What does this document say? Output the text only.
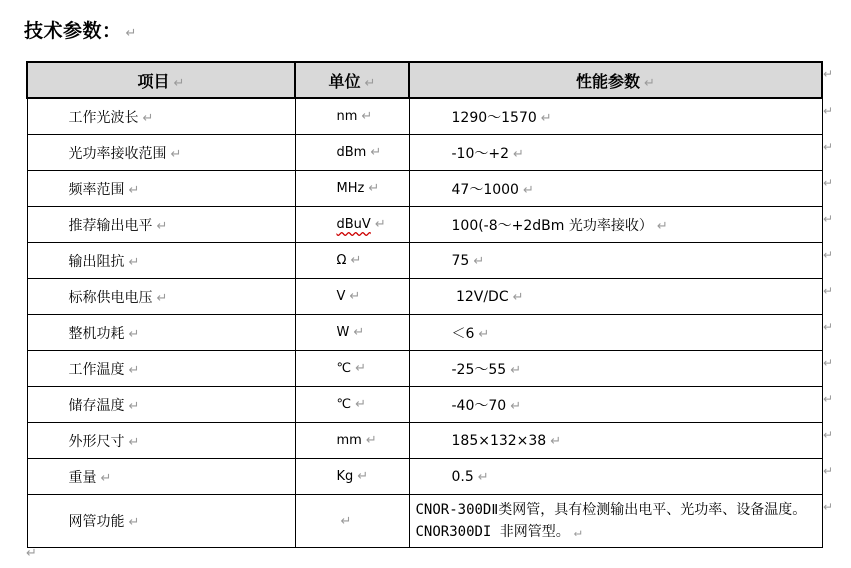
技术参数： ↵
项目 ↵	单位 ↵	性能参数 ↵
工作光波长 ↵	nm ↵	1290～1570 ↵
光功率接收范围 ↵	dBm ↵	-10～+2 ↵
频率范围 ↵	MHz ↵	47～1000 ↵
推荐输出电平 ↵	dBuV ↵	100(-8～+2dBm 光功率接收） ↵
输出阻抗 ↵	Ω ↵	75 ↵
标称供电电压 ↵	V ↵	12V/DC ↵
整机功耗 ↵	W ↵	＜6 ↵
工作温度 ↵	℃ ↵	-25～55 ↵
储存温度 ↵	℃ ↵	-40～70 ↵
外形尺寸 ↵	mm ↵	185×132×38 ↵
重量 ↵	Kg ↵	0.5 ↵
网管功能 ↵	↵	CNOR-300DⅡ类网管，具有检测输出电平、光功率、设备温度。CNOR300DI 非网管型。 ↵
↵
↵
↵
↵
↵
↵
↵
↵
↵
↵
↵
↵
↵
↵
